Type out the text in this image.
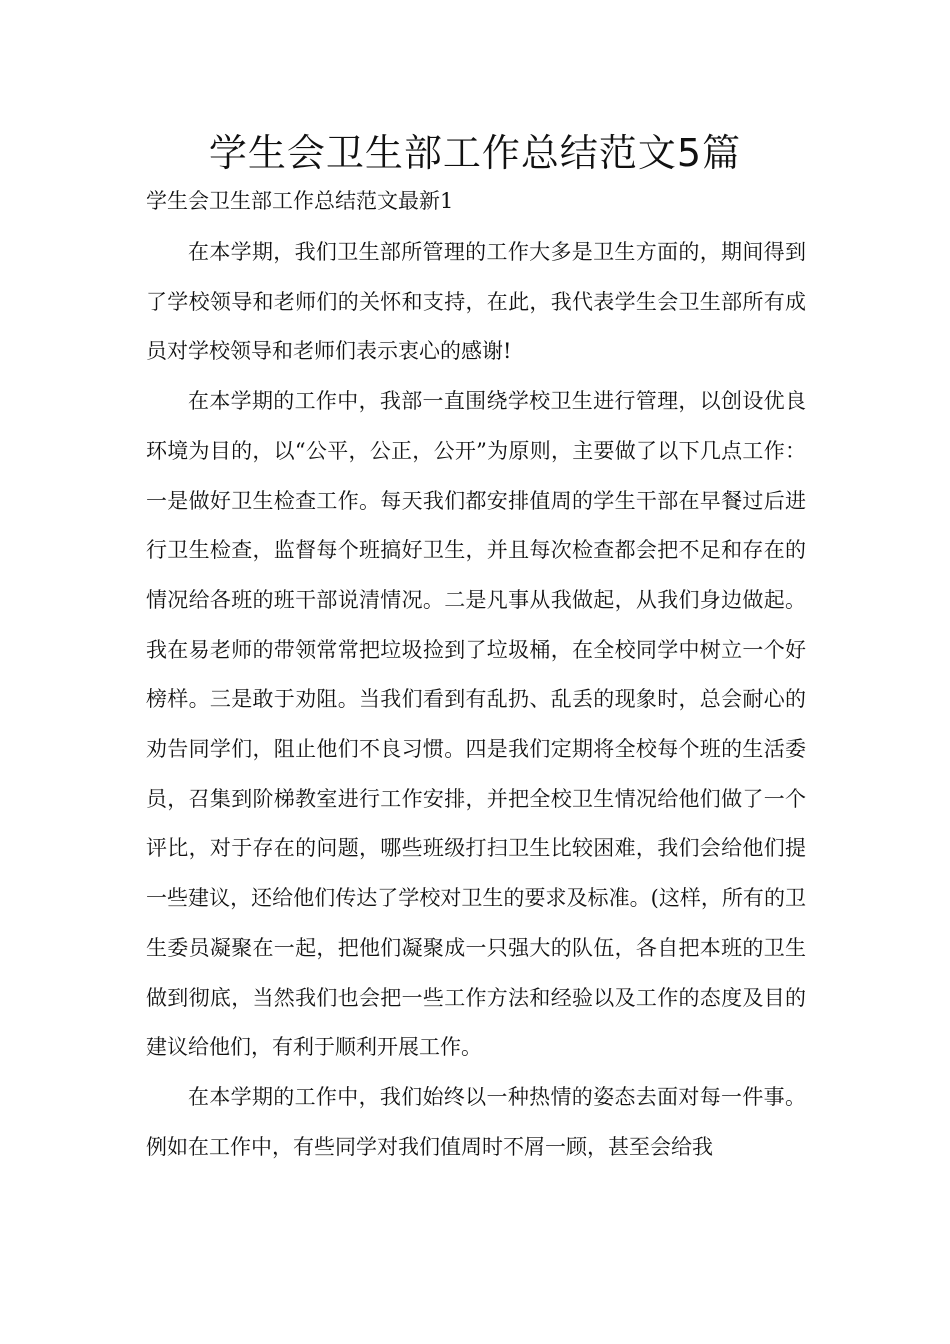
学生会卫生部工作总结范文5篇

学生会卫生部工作总结范文最新1

在本学期，我们卫生部所管理的工作大多是卫生方面的，期间得到了学校领导和老师们的关怀和支持，在此，我代表学生会卫生部所有成员对学校领导和老师们表示衷心的感谢!

在本学期的工作中，我部一直围绕学校卫生进行管理，以创设优良环境为目的，以“公平，公正，公开”为原则，主要做了以下几点工作：一是做好卫生检查工作。每天我们都安排值周的学生干部在早餐过后进行卫生检查，监督每个班搞好卫生，并且每次检查都会把不足和存在的情况给各班的班干部说清情况。二是凡事从我做起，从我们身边做起。我在易老师的带领常常把垃圾捡到了垃圾桶，在全校同学中树立一个好榜样。三是敢于劝阻。当我们看到有乱扔、乱丢的现象时，总会耐心的劝告同学们，阻止他们不良习惯。四是我们定期将全校每个班的生活委员，召集到阶梯教室进行工作安排，并把全校卫生情况给他们做了一个评比，对于存在的问题，哪些班级打扫卫生比较困难，我们会给他们提一些建议，还给他们传达了学校对卫生的要求及标准。(这样，所有的卫生委员凝聚在一起，把他们凝聚成一只强大的队伍，各自把本班的卫生做到彻底，当然我们也会把一些工作方法和经验以及工作的态度及目的建议给他们，有利于顺利开展工作。

在本学期的工作中，我们始终以一种热情的姿态去面对每一件事。例如在工作中，有些同学对我们值周时不屑一顾，甚至会给我
